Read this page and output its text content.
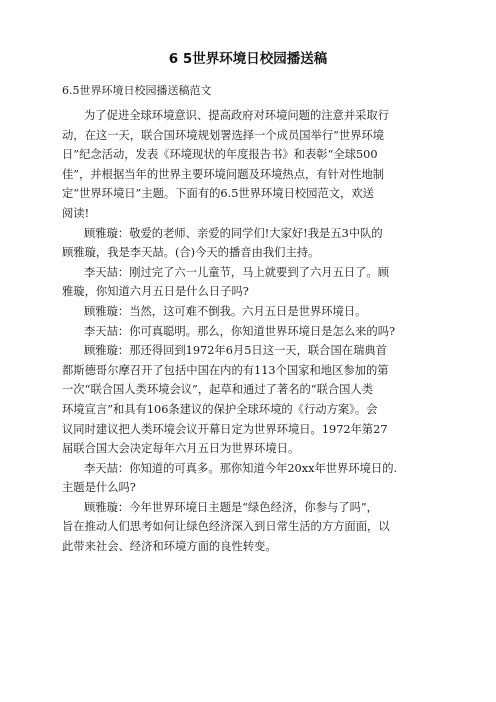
6 5世界环境日校园播送稿
6.5世界环境日校园播送稿范文

为了促进全球环境意识、提高政府对环境问题的注意并采取行
动，在这一天，联合国环境规划署选择一个成员国举行“世界环境
日”纪念活动，发表《环境现状的年度报告书》和表彰“全球500
佳”，并根据当年的世界主要环境问题及环境热点，有针对性地制
定“世界环境日”主题。下面有的6.5世界环境日校园范文，欢送
阅读!

顾雅璇：敬爱的老师、亲爱的同学们!大家好!我是五3中队的
顾雅璇，我是李天喆。(合)今天的播音由我们主持。

李天喆：刚过完了六一儿童节，马上就要到了六月五日了。顾
雅璇，你知道六月五日是什么日子吗?

顾雅璇：当然，这可难不倒我。六月五日是世界环境日。

李天喆：你可真聪明。那么，你知道世界环境日是怎么来的吗?

顾雅璇：那还得回到1972年6月5日这一天，联合国在瑞典首
都斯德哥尔摩召开了包括中国在内的有113个国家和地区参加的第
一次“联合国人类环境会议”，起草和通过了著名的“联合国人类
环境宣言”和具有106条建议的保护全球环境的《行动方案》。会
议同时建议把人类环境会议开幕日定为世界环境日。1972年第27
届联合国大会决定每年六月五日为世界环境日。

李天喆：你知道的可真多。那你知道今年20xx年世界环境日的.
主题是什么吗?

顾雅璇：今年世界环境日主题是“绿色经济，你参与了吗”，
旨在推动人们思考如何让绿色经济深入到日常生活的方方面面，以
此带来社会、经济和环境方面的良性转变。
